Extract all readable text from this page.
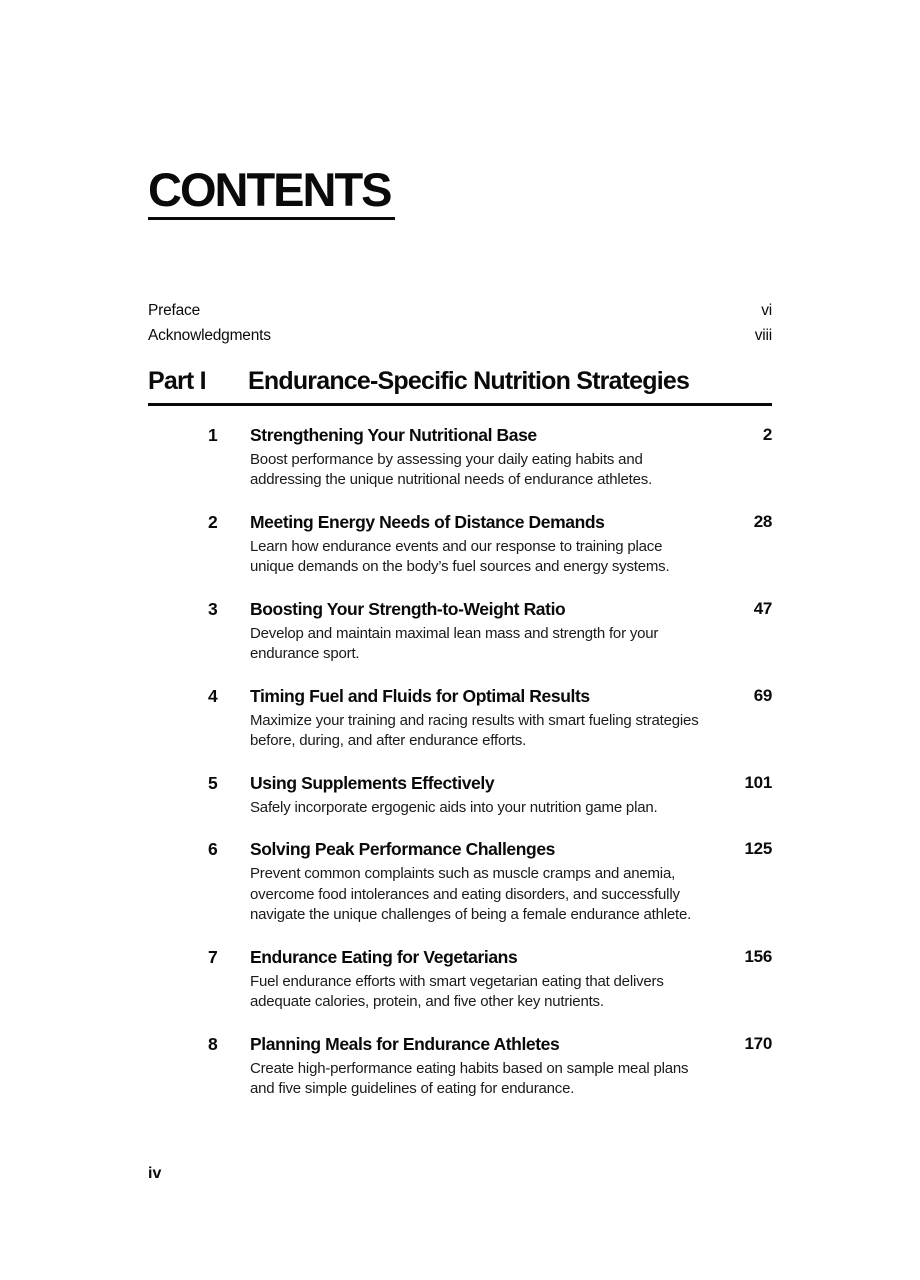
CONTENTS
Preface	vi
Acknowledgments	viii
Part I	Endurance-Specific Nutrition Strategies
1	Strengthening Your Nutritional Base	2
Boost performance by assessing your daily eating habits and addressing the unique nutritional needs of endurance athletes.
2	Meeting Energy Needs of Distance Demands	28
Learn how endurance events and our response to training place unique demands on the body’s fuel sources and energy systems.
3	Boosting Your Strength-to-Weight Ratio	47
Develop and maintain maximal lean mass and strength for your endurance sport.
4	Timing Fuel and Fluids for Optimal Results	69
Maximize your training and racing results with smart fueling strategies before, during, and after endurance efforts.
5	Using Supplements Effectively	101
Safely incorporate ergogenic aids into your nutrition game plan.
6	Solving Peak Performance Challenges	125
Prevent common complaints such as muscle cramps and anemia, overcome food intolerances and eating disorders, and successfully navigate the unique challenges of being a female endurance athlete.
7	Endurance Eating for Vegetarians	156
Fuel endurance efforts with smart vegetarian eating that delivers adequate calories, protein, and five other key nutrients.
8	Planning Meals for Endurance Athletes	170
Create high-performance eating habits based on sample meal plans and five simple guidelines of eating for endurance.
iv
